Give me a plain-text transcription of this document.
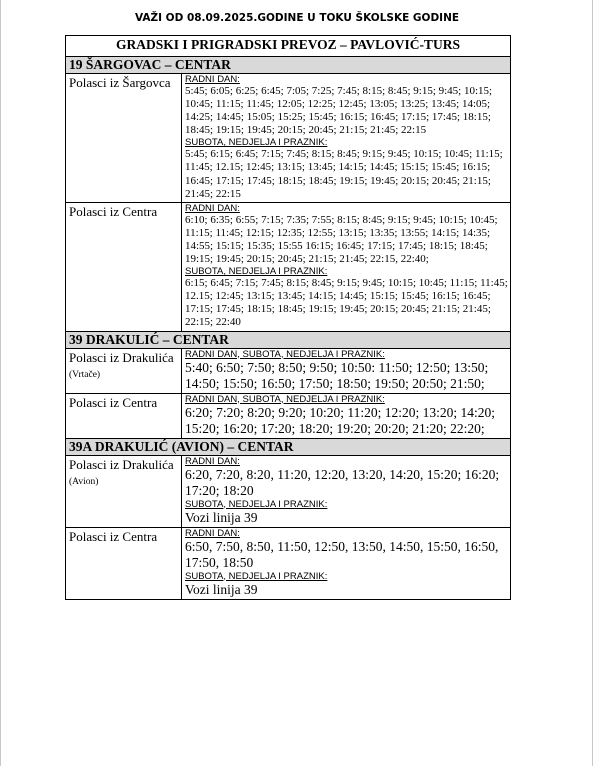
VAŽI OD 08.09.2025.GODINE U TOKU ŠKOLSKE GODINE
GRADSKI I PRIGRADSKI PREVOZ – PAVLOVIĆ-TURS	
19 ŠARGOVAC – CENTAR	
Polasci iz Šargovca	RADNI DAN:
5:45; 6:05; 6:25; 6:45; 7:05; 7:25; 7:45; 8:15; 8:45; 9:15; 9:45; 10:15; 10:45; 11:15; 11:45; 12:05; 12:25; 12:45; 13:05; 13:25; 13:45; 14:05; 14:25; 14:45; 15:05; 15:25; 15:45; 16:15; 16:45; 17:15; 17:45; 18:15; 18:45; 19:15; 19:45; 20:15; 20:45; 21:15; 21:45; 22:15
SUBOTA, NEDJELJA I PRAZNIK:
5:45; 6:15; 6:45; 7:15; 7:45; 8:15; 8:45; 9:15; 9:45; 10:15; 10:45; 11:15; 11:45; 12.15; 12:45; 13:15; 13:45; 14:15; 14:45; 15:15; 15:45; 16:15; 16:45; 17:15; 17:45; 18:15; 18:45; 19:15; 19:45; 20:15; 20:45; 21:15; 21:45; 22:15

Polasci iz Centra	RADNI DAN:
6:10; 6:35; 6:55; 7:15; 7:35; 7:55; 8:15; 8:45; 9:15; 9:45; 10:15; 10:45; 11:15; 11:45; 12:15; 12:35; 12:55; 13:15; 13:35; 13:55; 14:15; 14:35; 14:55; 15:15; 15:35; 15:55 16:15; 16:45; 17:15; 17:45; 18:15; 18:45; 19:15; 19:45; 20:15; 20:45; 21:15; 21:45; 22:15, 22:40;
SUBOTA, NEDJELJA I PRAZNIK:
6:15; 6:45; 7:15; 7:45; 8:15; 8:45; 9:15; 9:45; 10:15; 10:45; 11:15; 11:45; 12.15; 12:45; 13:15; 13:45; 14:15; 14:45; 15:15; 15:45; 16:15; 16:45; 17:15; 17:45; 18:15; 18:45; 19:15; 19:45; 20:15; 20:45; 21:15; 21:45; 22:15; 22:40

39 DRAKULIĆ – CENTAR	
Polasci iz Drakulića (Vrtače)	RADNI DAN, SUBOTA, NEDJELJA I PRAZNIK:
5:40; 6:50; 7:50; 8:50; 9:50; 10:50: 11:50; 12:50; 13:50; 14:50; 15:50; 16:50; 17:50; 18:50; 19:50; 20:50; 21:50;

Polasci iz Centra	RADNI DAN, SUBOTA, NEDJELJA I PRAZNIK:
6:20; 7:20; 8:20; 9:20; 10:20; 11:20; 12:20; 13:20; 14:20; 15:20; 16:20; 17:20; 18:20; 19:20; 20:20; 21:20; 22:20;

39A DRAKULIĆ (AVION) – CENTAR	
Polasci iz Drakulića (Avion)	RADNI DAN:
6:20, 7:20, 8:20, 11:20, 12:20, 13:20, 14:20, 15:20; 16:20; 17:20; 18:20
SUBOTA, NEDJELJA I PRAZNIK:
Vozi linija 39

Polasci iz Centra	RADNI DAN:
6:50, 7:50, 8:50, 11:50, 12:50, 13:50, 14:50, 15:50, 16:50, 17:50, 18:50
SUBOTA, NEDJELJA I PRAZNIK:
Vozi linija 39
